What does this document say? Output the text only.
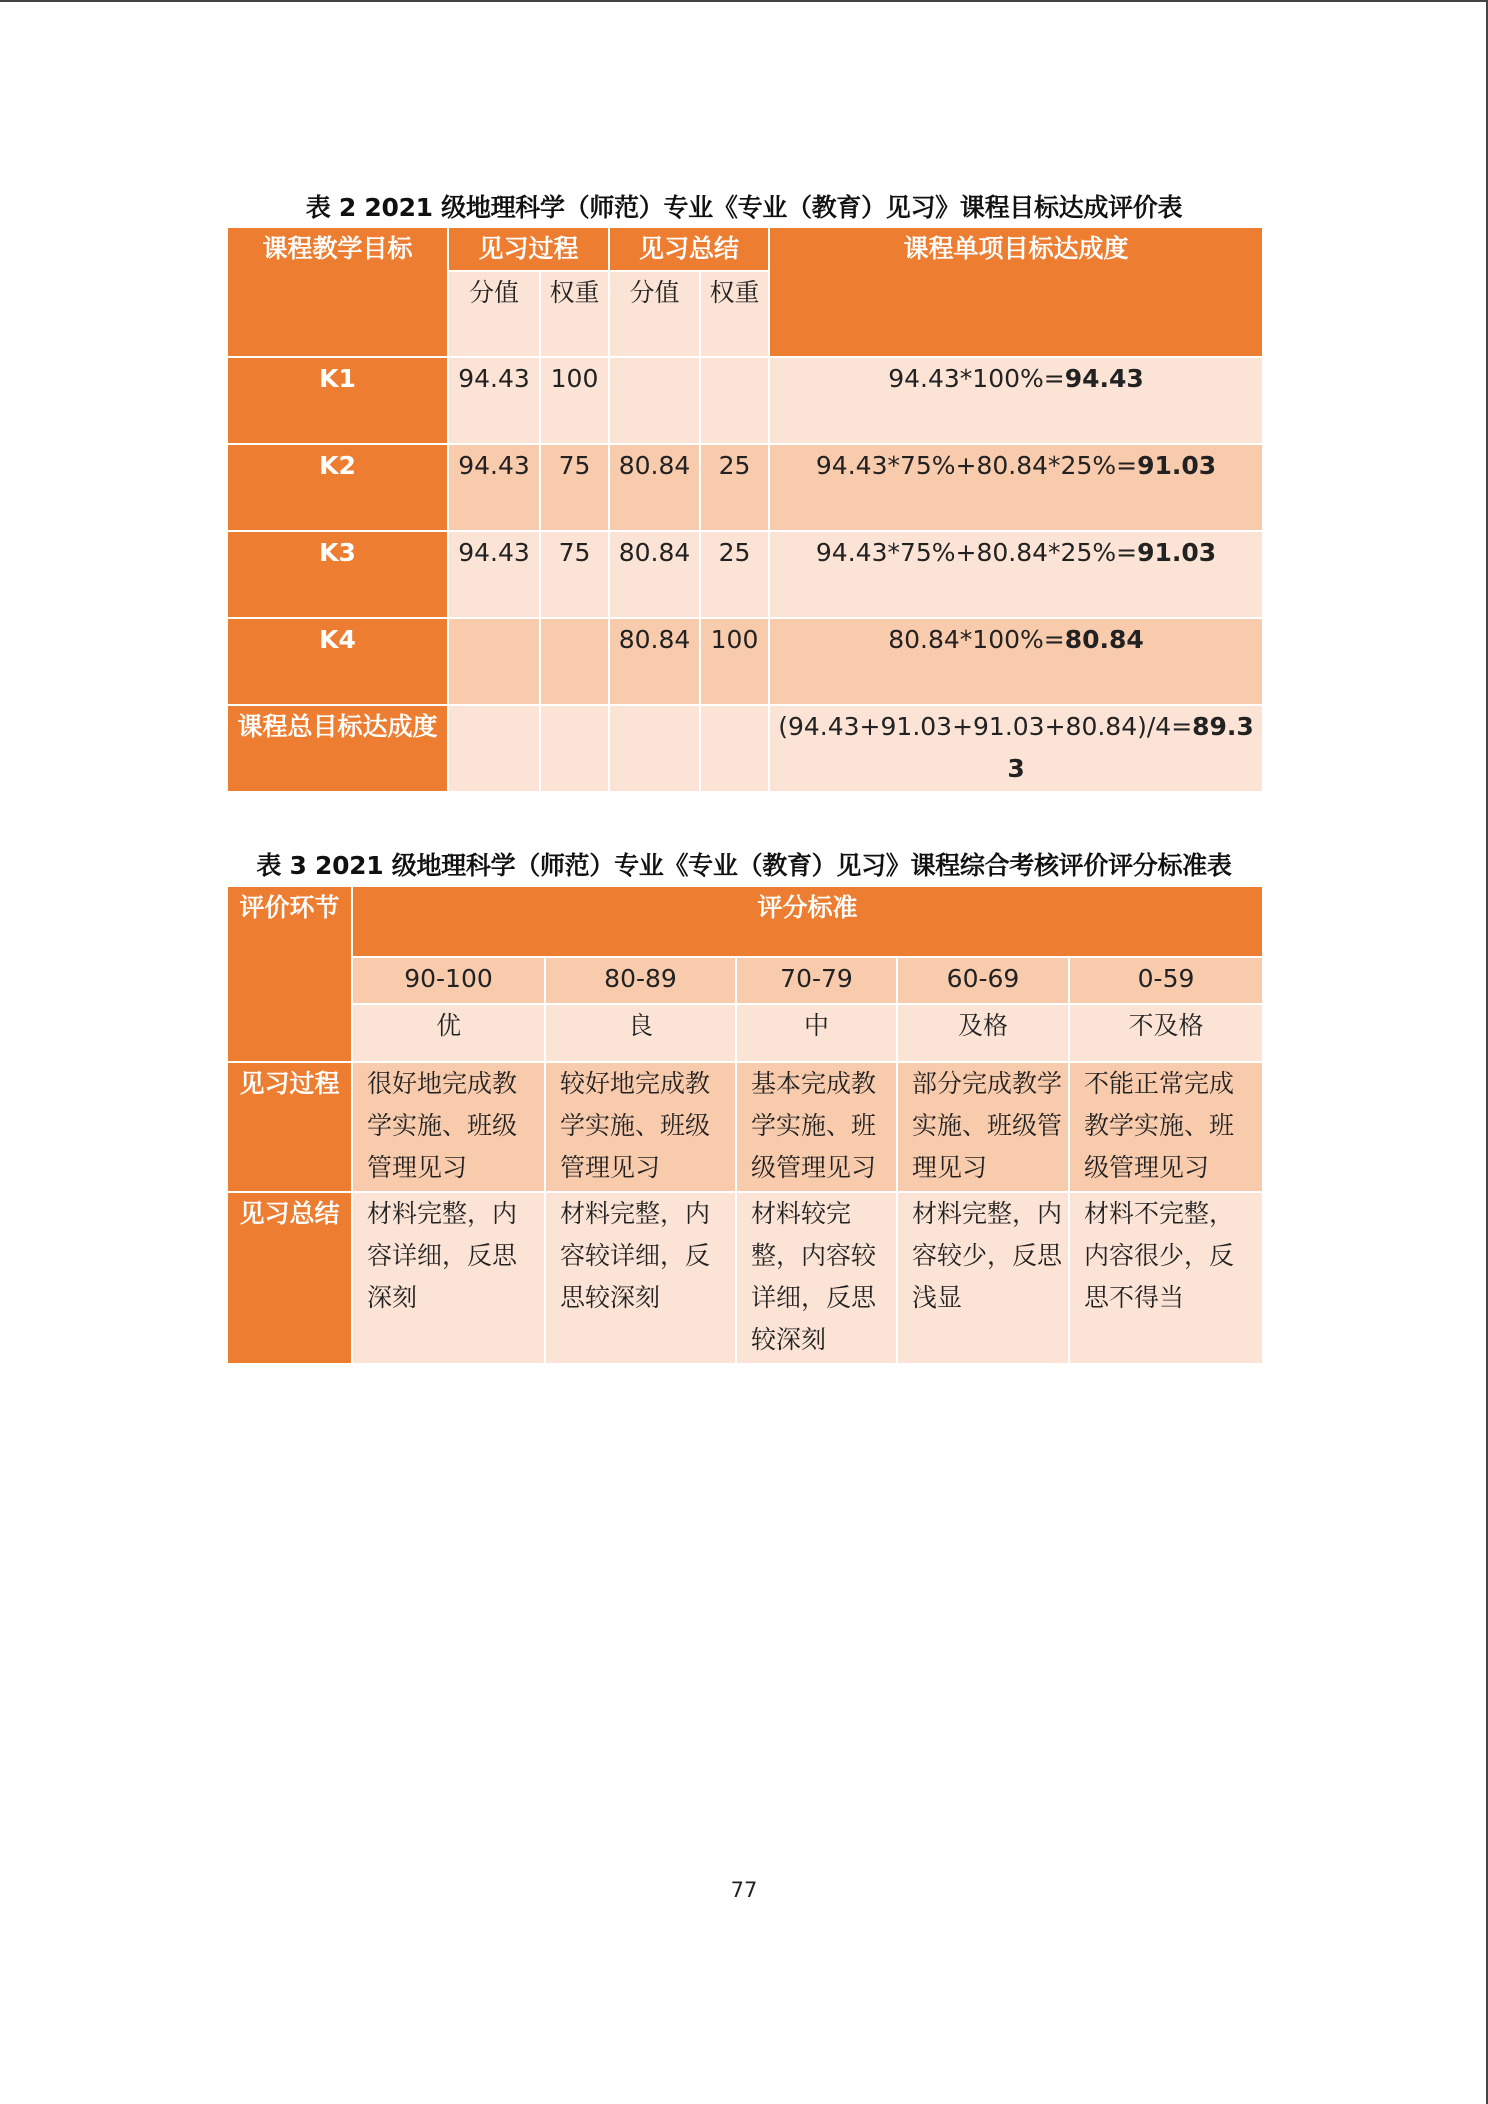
表 2 2021 级地理科学（师范）专业《专业（教育）见习》课程目标达成评价表
课程教学目标	见习过程		见习总结		课程单项目标达成度
	分值	权重	分值	权重	
K1	94.43	100			94.43*100%=94.43
K2	94.43	75	80.84	25	94.43*75%+80.84*25%=91.03
K3	94.43	75	80.84	25	94.43*75%+80.84*25%=91.03
K4			80.84	100	80.84*100%=80.84
课程总目标达成度					(94.43+91.03+91.03+80.84)/4=89.33
表 3 2021 级地理科学（师范）专业《专业（教育）见习》课程综合考核评价评分标准表
评价环节	评分标准				
	90-100	80-89	70-79	60-69	0-59
	优	良	中	及格	不及格
见习过程	很好地完成教学实施、班级管理见习	较好地完成教学实施、班级管理见习	基本完成教学实施、班级管理见习	部分完成教学实施、班级管理见习	不能正常完成教学实施、班级管理见习
见习总结	材料完整，内容详细，反思深刻	材料完整，内容较详细，反思较深刻	材料较完整，内容较详细，反思较深刻	材料完整，内容较少，反思浅显	材料不完整，内容很少，反思不得当
77
